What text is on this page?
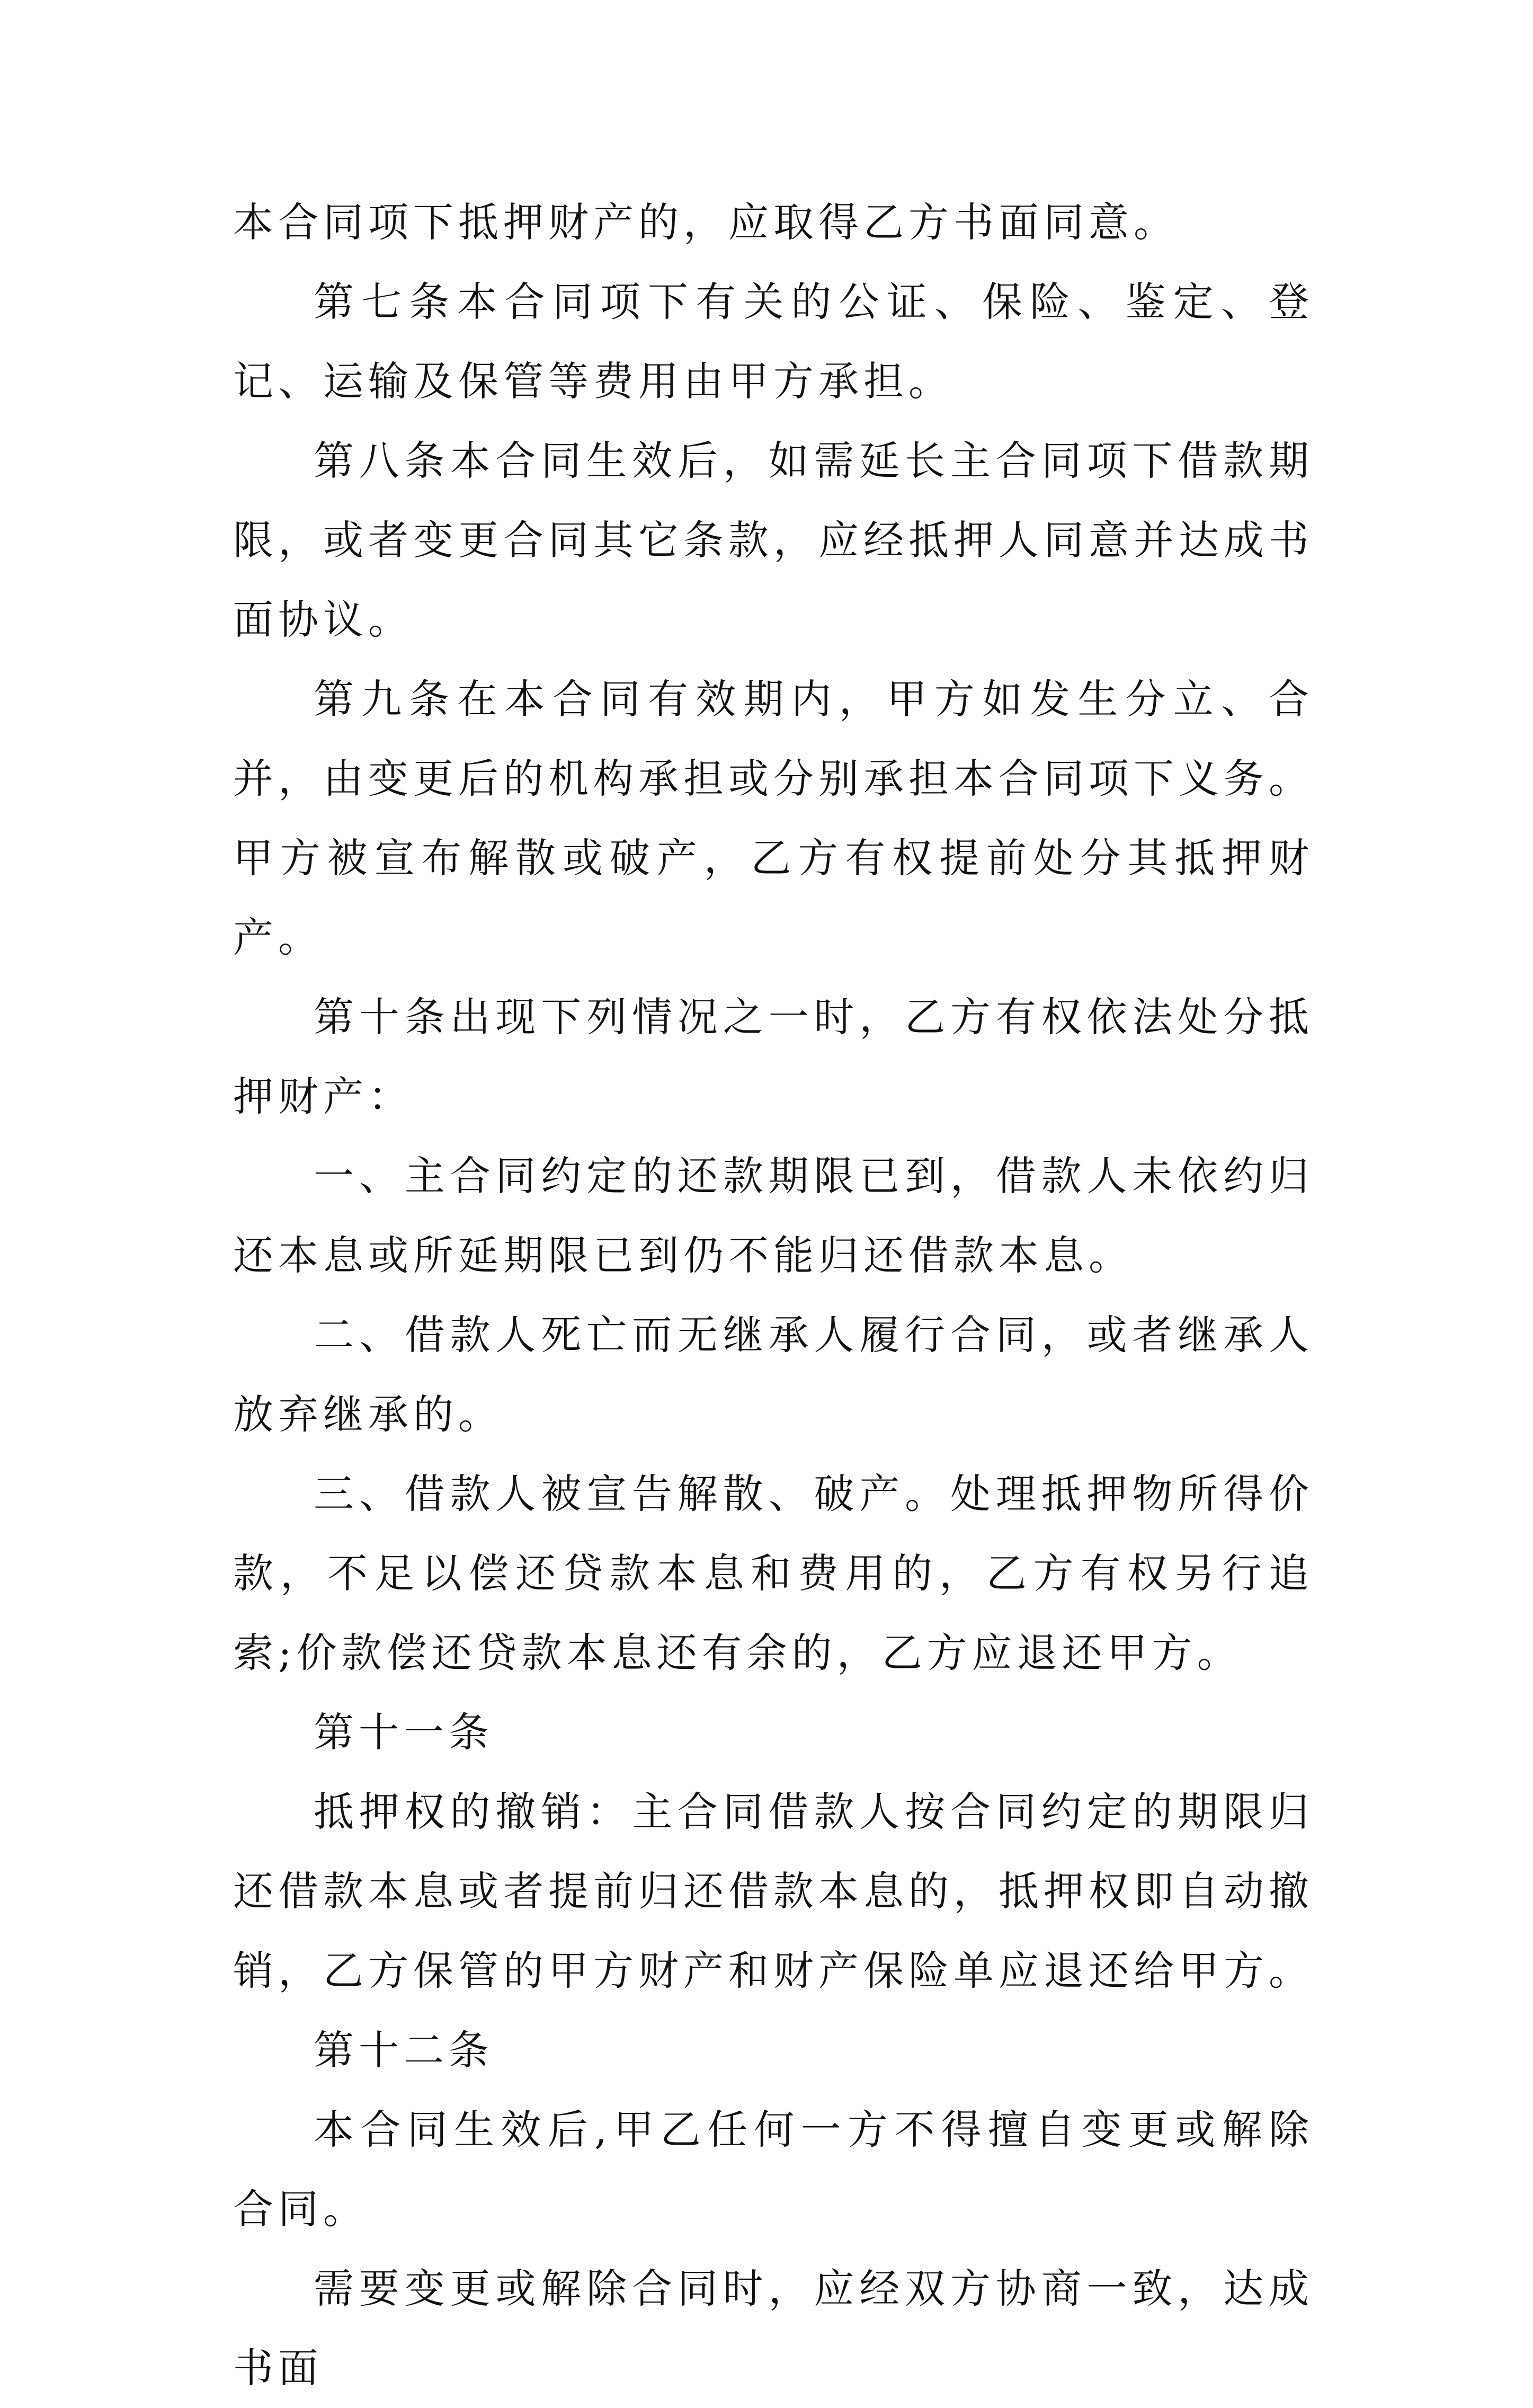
本合同项下抵押财产的，应取得乙方书面同意。

第七条本合同项下有关的公证、保险、鉴定、登记、运输及保管等费用由甲方承担。

第八条本合同生效后，如需延长主合同项下借款期限，或者变更合同其它条款，应经抵押人同意并达成书面协议。

第九条在本合同有效期内，甲方如发生分立、合并，由变更后的机构承担或分别承担本合同项下义务。甲方被宣布解散或破产，乙方有权提前处分其抵押财产。

第十条出现下列情况之一时，乙方有权依法处分抵押财产：

一、主合同约定的还款期限已到，借款人未依约归还本息或所延期限已到仍不能归还借款本息。

二、借款人死亡而无继承人履行合同，或者继承人放弃继承的。

三、借款人被宣告解散、破产。处理抵押物所得价款，不足以偿还贷款本息和费用的，乙方有权另行追索;价款偿还贷款本息还有余的，乙方应退还甲方。

第十一条

抵押权的撤销：主合同借款人按合同约定的期限归还借款本息或者提前归还借款本息的，抵押权即自动撤销，乙方保管的甲方财产和财产保险单应退还给甲方。

第十二条

本合同生效后,甲乙任何一方不得擅自变更或解除合同。

需要变更或解除合同时，应经双方协商一致，达成书面
